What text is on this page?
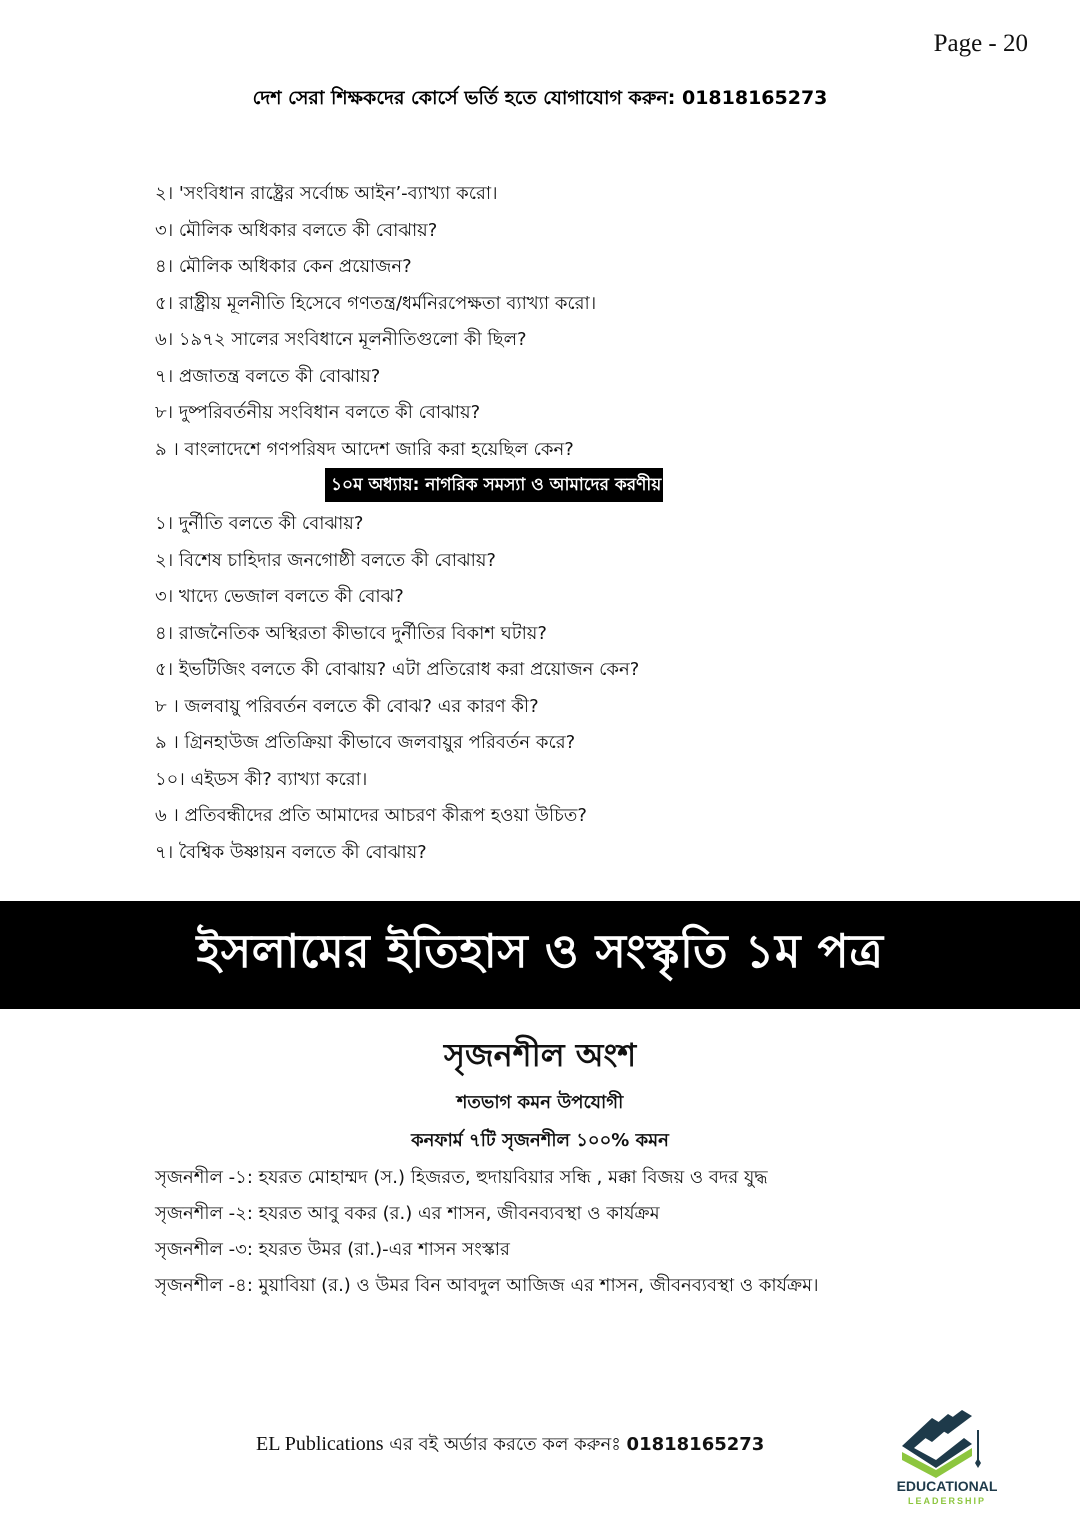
Page - 20
দেশ সেরা শিক্ষকদের কোর্সে ভর্তি হতে যোগাযোগ করুন: 01818165273
২। 'সংবিধান রাষ্ট্রের সর্বোচ্চ আইন’-ব্যাখ্যা করো।
৩। মৌলিক অধিকার বলতে কী বোঝায়?
৪। মৌলিক অধিকার কেন প্রয়োজন?
৫। রাষ্ট্রীয় মূলনীতি হিসেবে গণতন্ত্র/ধর্মনিরপেক্ষতা ব্যাখ্যা করো।
৬। ১৯৭২ সালের সংবিধানে মূলনীতিগুলো কী ছিল?
৭। প্রজাতন্ত্র বলতে কী বোঝায়?
৮। দুষ্পরিবর্তনীয় সংবিধান বলতে কী বোঝায়?
৯ । বাংলাদেশে গণপরিষদ আদেশ জারি করা হয়েছিল কেন?
১০ম অধ্যায়: নাগরিক সমস্যা ও আমাদের করণীয়
১। দুর্নীতি বলতে কী বোঝায়?
২। বিশেষ চাহিদার জনগোষ্ঠী বলতে কী বোঝায়?
৩। খাদ্যে ভেজাল বলতে কী বোঝ?
৪। রাজনৈতিক অস্থিরতা কীভাবে দুর্নীতির বিকাশ ঘটায়?
৫। ইভটিজিং বলতে কী বোঝায়? এটা প্রতিরোধ করা প্রয়োজন কেন?
৮ । জলবায়ু পরিবর্তন বলতে কী বোঝ? এর কারণ কী?
৯ । গ্রিনহাউজ প্রতিক্রিয়া কীভাবে জলবায়ুর পরিবর্তন করে?
১০। এইডস কী? ব্যাখ্যা করো।
৬ । প্রতিবন্ধীদের প্রতি আমাদের আচরণ কীরূপ হওয়া উচিত?
৭। বৈশ্বিক উষ্ণায়ন বলতে কী বোঝায়?
ইসলামের ইতিহাস ও সংস্কৃতি ১ম পত্র
সৃজনশীল অংশ
শতভাগ কমন উপযোগী
কনফার্ম ৭টি সৃজনশীল ১০০% কমন
সৃজনশীল -১: হযরত মোহাম্মদ (স.) হিজরত, হুদায়বিয়ার সন্ধি , মক্কা বিজয় ও বদর যুদ্ধ
সৃজনশীল -২: হযরত আবু বকর (র.) এর শাসন, জীবনব্যবস্থা ও কার্যক্রম
সৃজনশীল -৩: হযরত উমর (রা.)-এর শাসন সংস্কার
সৃজনশীল -৪: মুয়াবিয়া (র.) ও উমর বিন আবদুল আজিজ এর শাসন, জীবনব্যবস্থা ও কার্যক্রম।
EL Publications এর বই অর্ডার করতে কল করুনঃ 01818165273
EDUCATIONAL
LEADERSHIP
